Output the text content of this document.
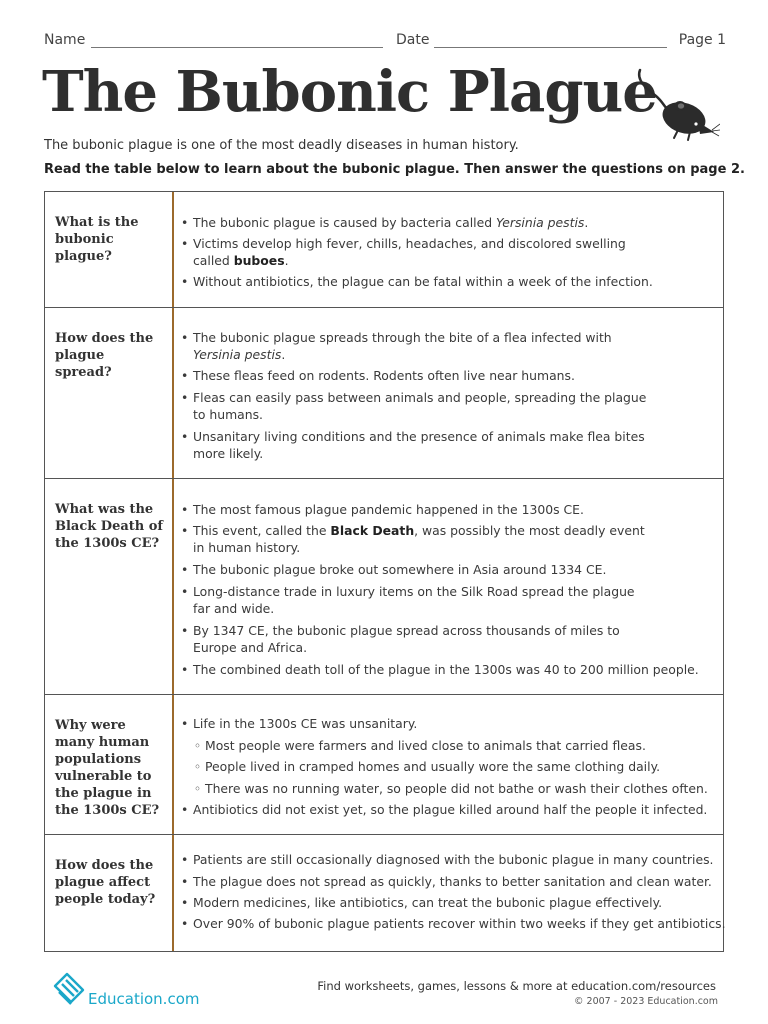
Name	Date	Page 1
The Bubonic Plague
The bubonic plague is one of the most deadly diseases in human history.
Read the table below to learn about the bubonic plague. Then answer the questions on page 2.
What is the bubonic plague?
• The bubonic plague is caused by bacteria called Yersinia pestis.
• Victims develop high fever, chills, headaches, and discolored swelling
called buboes.
• Without antibiotics, the plague can be fatal within a week of the infection.
How does the plague spread?
• The bubonic plague spreads through the bite of a flea infected with
Yersinia pestis.
• These fleas feed on rodents. Rodents often live near humans.
• Fleas can easily pass between animals and people, spreading the plague
to humans.
• Unsanitary living conditions and the presence of animals make flea bites
more likely.
What was the Black Death of the 1300s CE?
• The most famous plague pandemic happened in the 1300s CE.
• This event, called the Black Death, was possibly the most deadly event
in human history.
• The bubonic plague broke out somewhere in Asia around 1334 CE.
• Long-distance trade in luxury items on the Silk Road spread the plague
far and wide.
• By 1347 CE, the bubonic plague spread across thousands of miles to
Europe and Africa.
• The combined death toll of the plague in the 1300s was 40 to 200 million people.
Why were many human populations vulnerable to the plague in the 1300s CE?
• Life in the 1300s CE was unsanitary.
◦ Most people were farmers and lived close to animals that carried fleas.
◦ People lived in cramped homes and usually wore the same clothing daily.
◦ There was no running water, so people did not bathe or wash their clothes often.
• Antibiotics did not exist yet, so the plague killed around half the people it infected.
How does the plague affect people today?
• Patients are still occasionally diagnosed with the bubonic plague in many countries.
• The plague does not spread as quickly, thanks to better sanitation and clean water.
• Modern medicines, like antibiotics, can treat the bubonic plague effectively.
• Over 90% of bubonic plague patients recover within two weeks if they get antibiotics.
Education.com
Find worksheets, games, lessons & more at education.com/resources
© 2007 - 2023 Education.com
